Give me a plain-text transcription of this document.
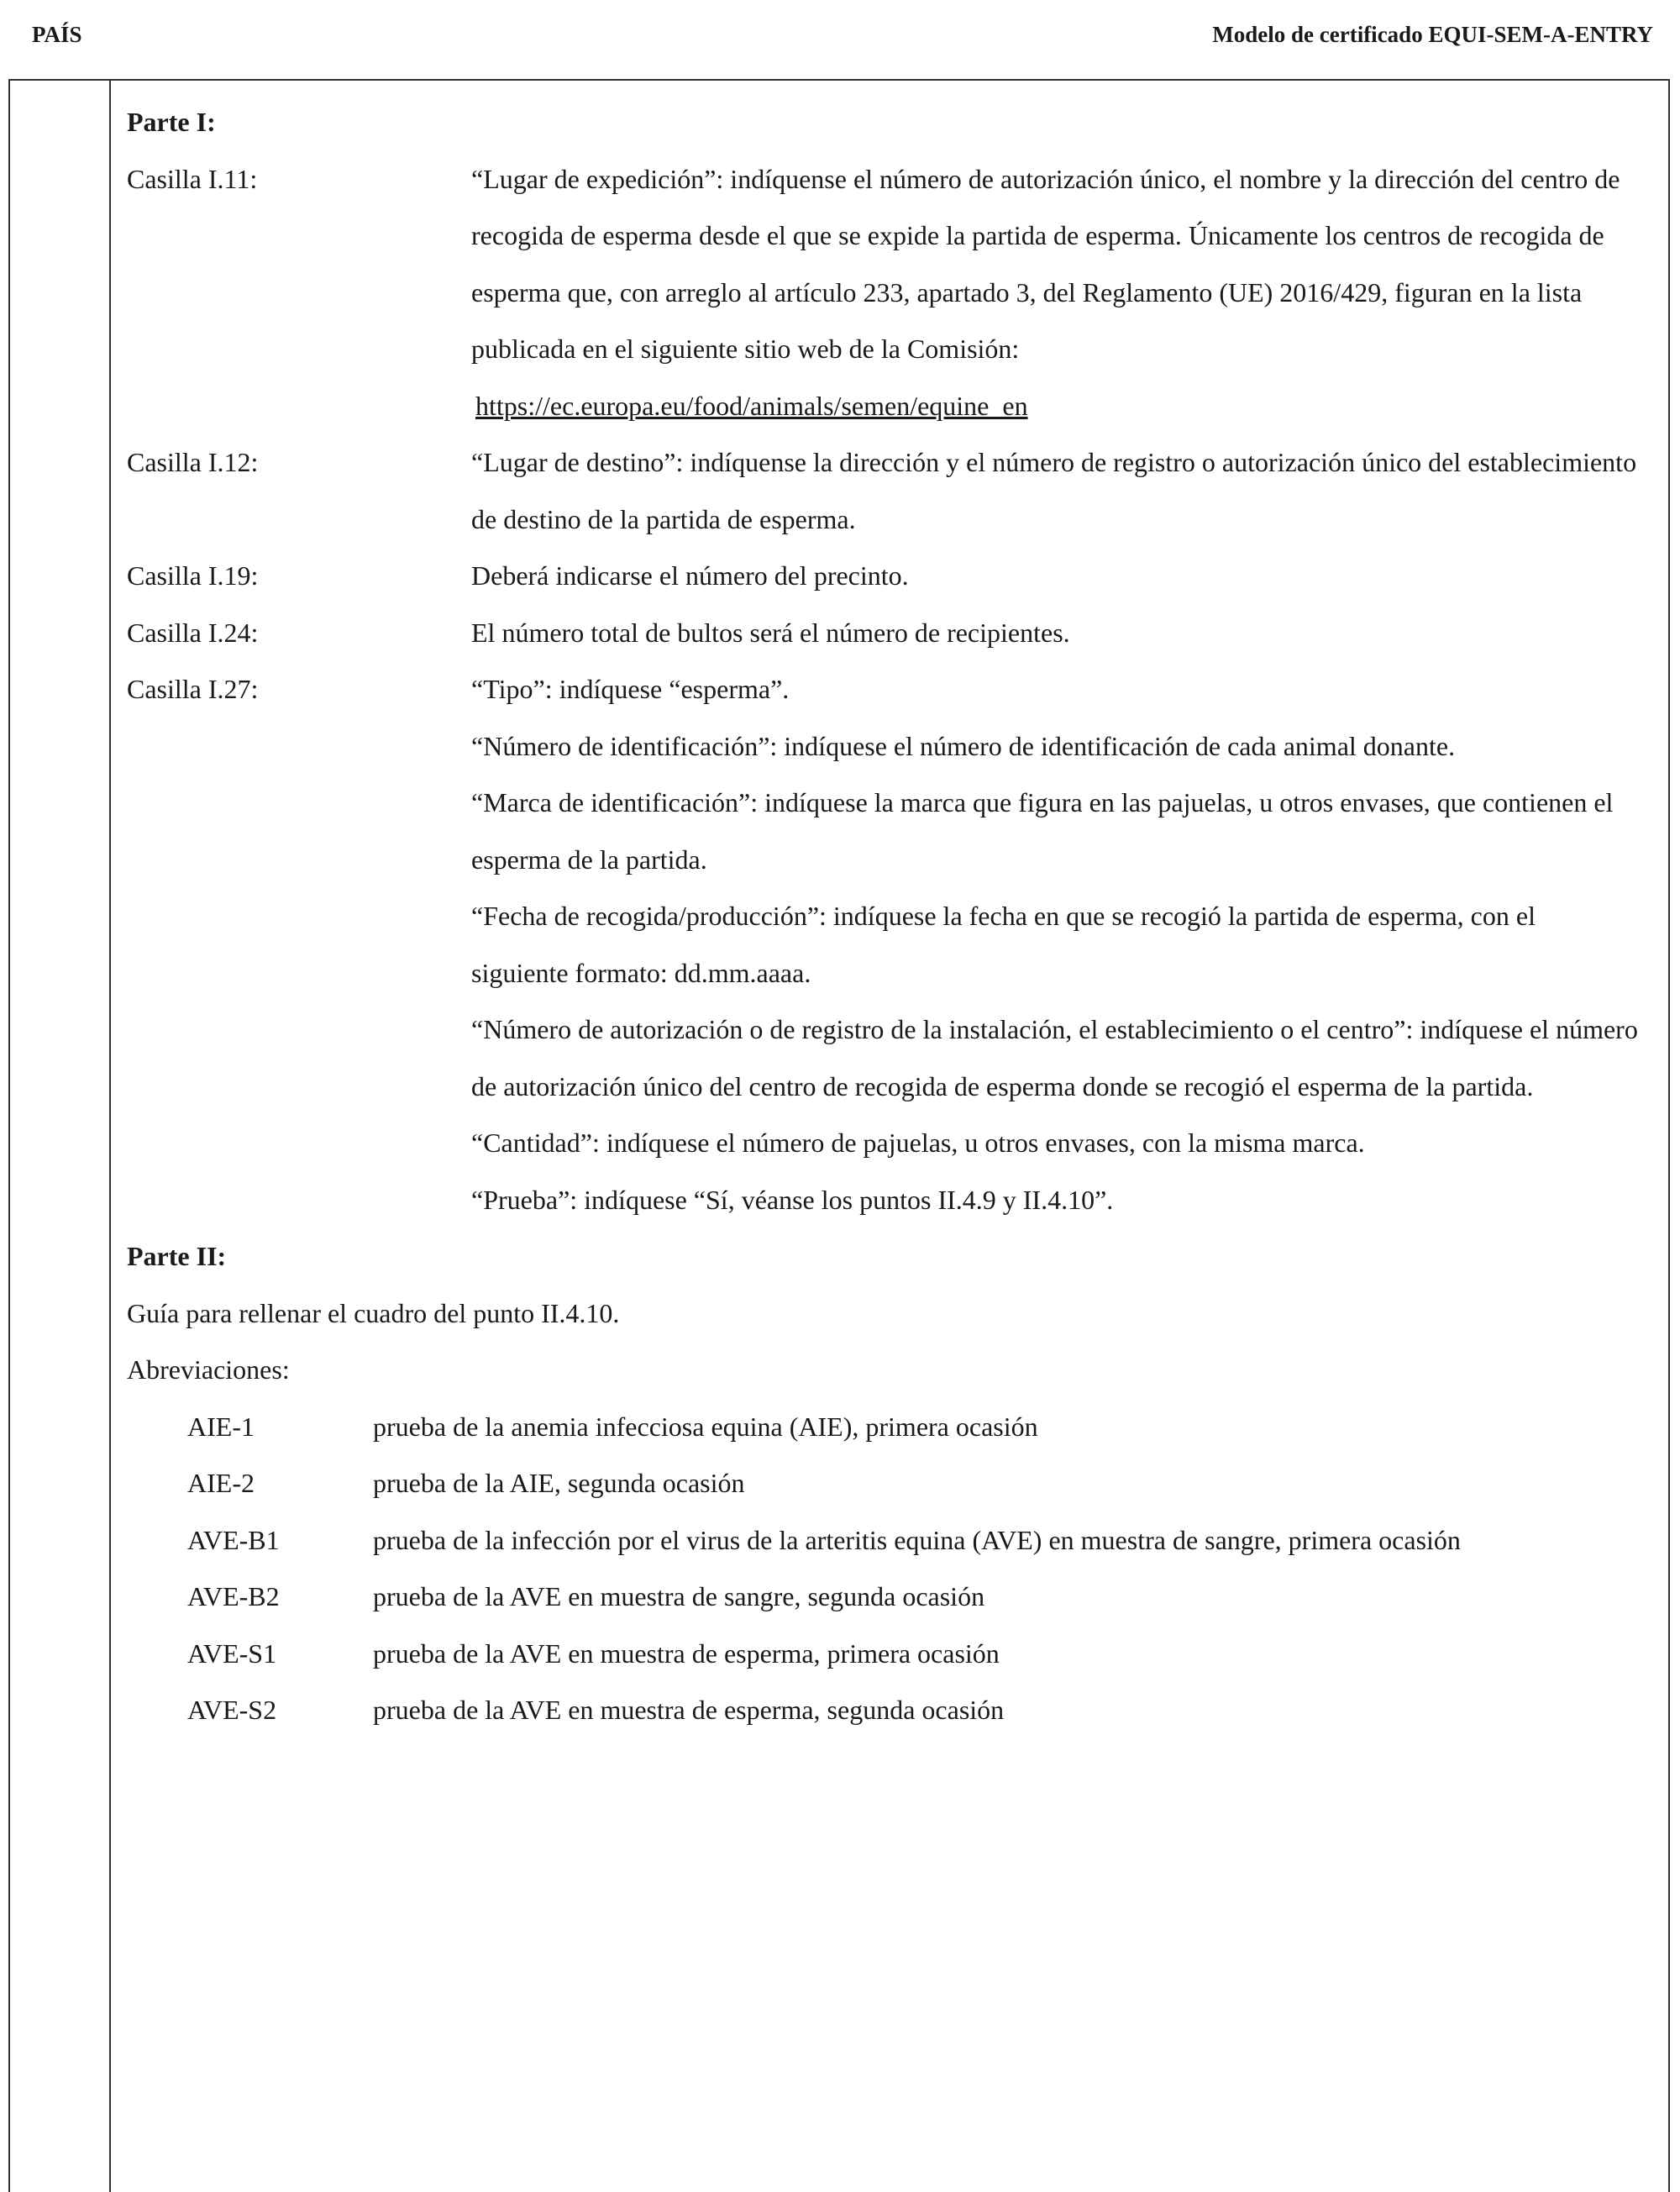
PAÍS	Modelo de certificado EQUI-SEM-A-ENTRY
Parte I:
Casilla I.11:	“Lugar de expedición”: indíquense el número de autorización único, el nombre y la dirección del centro de recogida de esperma desde el que se expide la partida de esperma. Únicamente los centros de recogida de esperma que, con arreglo al artículo 233, apartado 3, del Reglamento (UE) 2016/429, figuran en la lista publicada en el siguiente sitio web de la Comisión:

https://ec.europa.eu/food/animals/semen/equine_en

Casilla I.12:	“Lugar de destino”: indíquense la dirección y el número de registro o autorización único del establecimiento de destino de la partida de esperma.

Casilla I.19:	Deberá indicarse el número del precinto.

Casilla I.24:	El número total de bultos será el número de recipientes.

Casilla I.27:	“Tipo”: indíquese “esperma”.

“Número de identificación”: indíquese el número de identificación de cada animal donante.

“Marca de identificación”: indíquese la marca que figura en las pajuelas, u otros envases, que contienen el esperma de la partida.

“Fecha de recogida/producción”: indíquese la fecha en que se recogió la partida de esperma, con el siguiente formato: dd.mm.aaaa.

“Número de autorización o de registro de la instalación, el establecimiento o el centro”: indíquese el número de autorización único del centro de recogida de esperma donde se recogió el esperma de la partida.

“Cantidad”: indíquese el número de pajuelas, u otros envases, con la misma marca.

“Prueba”: indíquese “Sí, véanse los puntos II.4.9 y II.4.10”.

Parte II:

Guía para rellenar el cuadro del punto II.4.10.

Abreviaciones:

AIE-1	prueba de la anemia infecciosa equina (AIE), primera ocasión
AIE-2	prueba de la AIE, segunda ocasión
AVE-B1	prueba de la infección por el virus de la arteritis equina (AVE) en muestra de sangre, primera ocasión
AVE-B2	prueba de la AVE en muestra de sangre, segunda ocasión
AVE-S1	prueba de la AVE en muestra de esperma, primera ocasión
AVE-S2	prueba de la AVE en muestra de esperma, segunda ocasión
